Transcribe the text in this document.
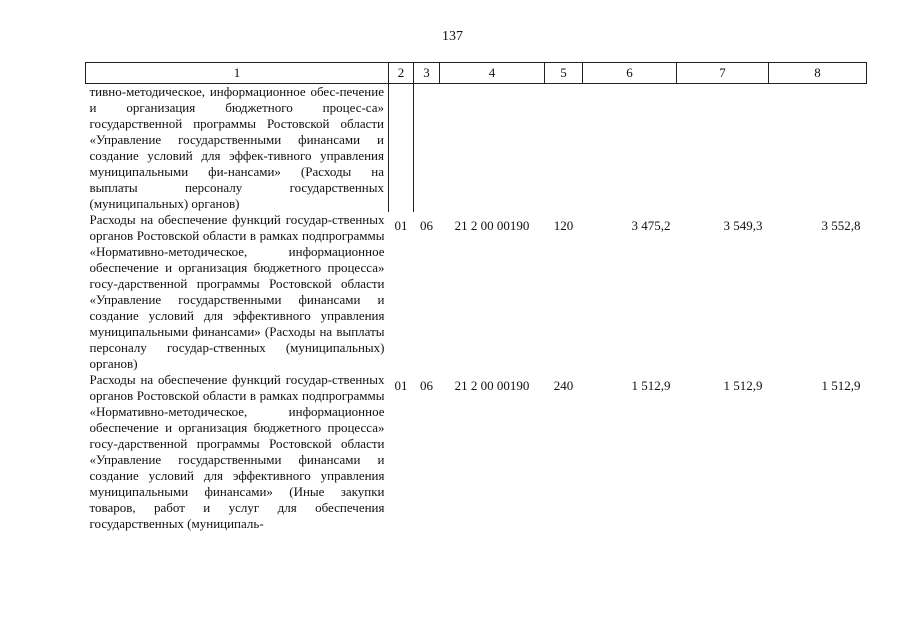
137
1	2	3	4	5	6	7	8

тивно-методическое, информационное обес-печение и организация бюджетного процес-са» государственной программы Ростовской области «Управление государственными финансами и создание условий для эффек-тивного управления муниципальными фи-нансами» (Расходы на выплаты персоналу государственных (муниципальных) органов)							

Расходы на обеспечение функций государ-ственных органов Ростовской области в рамках подпрограммы «Нормативно-методическое, информационное обеспечение и организация бюджетного процесса» госу-дарственной программы Ростовской области «Управление государственными финансами и создание условий для эффективного управления муниципальными финансами» (Расходы на выплаты персоналу государ-ственных (муниципальных) органов)	01	06	21 2 00 00190	120	3 475,2	3 549,3	3 552,8

Расходы на обеспечение функций государ-ственных органов Ростовской области в рамках подпрограммы «Нормативно-методическое, информационное обеспечение и организация бюджетного процесса» госу-дарственной программы Ростовской области «Управление государственными финансами и создание условий для эффективного управления муниципальными финансами» (Иные закупки товаров, работ и услуг для обеспечения государственных (муниципаль-	01	06	21 2 00 00190	240	1 512,9	1 512,9	1 512,9
